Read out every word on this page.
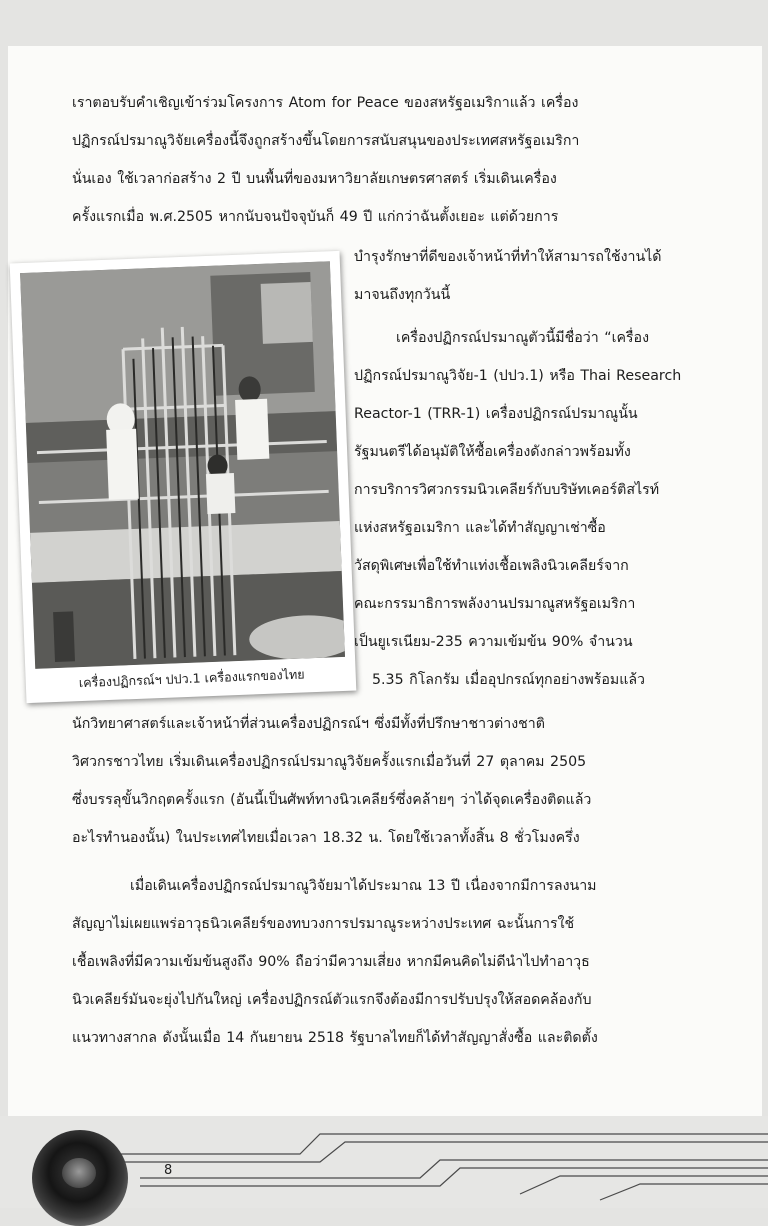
เราตอบรับคำเชิญเข้าร่วมโครงการ Atom for Peace ของสหรัฐอเมริกาแล้ว เครื่อง
ปฏิกรณ์ปรมาณูวิจัยเครื่องนี้จึงถูกสร้างขึ้นโดยการสนับสนุนของประเทศสหรัฐอเมริกา
นั่นเอง ใช้เวลาก่อสร้าง 2 ปี บนพื้นที่ของมหาวิยาลัยเกษตรศาสตร์ เริ่มเดินเครื่อง
ครั้งแรกเมื่อ พ.ศ.2505 หากนับจนปัจจุบันก็ 49 ปี แก่กว่าฉันตั้งเยอะ แต่ด้วยการ
บำรุงรักษาที่ดีของเจ้าหน้าที่ทำให้สามารถใช้งานได้
มาจนถึงทุกวันนี้
เครื่องปฏิกรณ์ปรมาณูตัวนี้มีชื่อว่า “เครื่อง
ปฏิกรณ์ปรมาณูวิจัย-1 (ปปว.1) หรือ Thai Research
Reactor-1 (TRR-1) เครื่องปฏิกรณ์ปรมาณูนั้น
รัฐมนตรีได้อนุมัติให้ซื้อเครื่องดังกล่าวพร้อมทั้ง
การบริการวิศวกรรมนิวเคลียร์กับบริษัทเคอร์ติสไรท์
แห่งสหรัฐอเมริกา และได้ทำสัญญาเช่าซื้อ
วัสดุพิเศษเพื่อใช้ทำแท่งเชื้อเพลิงนิวเคลียร์จาก
คณะกรรมาธิการพลังงานปรมาณูสหรัฐอเมริกา
เป็นยูเรเนียม-235 ความเข้มข้น 90% จำนวน
5.35 กิโลกรัม เมื่ออุปกรณ์ทุกอย่างพร้อมแล้ว
นักวิทยาศาสตร์และเจ้าหน้าที่ส่วนเครื่องปฏิกรณ์ฯ ซึ่งมีทั้งที่ปรึกษาชาวต่างชาติ
วิศวกรชาวไทย เริ่มเดินเครื่องปฏิกรณ์ปรมาณูวิจัยครั้งแรกเมื่อวันที่ 27 ตุลาคม 2505
ซึ่งบรรลุขั้นวิกฤตครั้งแรก (อันนี้เป็นศัพท์ทางนิวเคลียร์ซึ่งคล้ายๆ ว่าได้จุดเครื่องติดแล้ว
อะไรทำนองนั้น) ในประเทศไทยเมื่อเวลา 18.32 น. โดยใช้เวลาทั้งสิ้น 8 ชั่วโมงครึ่ง
เมื่อเดินเครื่องปฏิกรณ์ปรมาณูวิจัยมาได้ประมาณ 13 ปี เนื่องจากมีการลงนาม
สัญญาไม่เผยแพร่อาวุธนิวเคลียร์ของทบวงการปรมาณูระหว่างประเทศ ฉะนั้นการใช้
เชื้อเพลิงที่มีความเข้มข้นสูงถึง 90% ถือว่ามีความเสี่ยง หากมีคนคิดไม่ดีนำไปทำอาวุธ
นิวเคลียร์มันจะยุ่งไปกันใหญ่ เครื่องปฏิกรณ์ตัวแรกจึงต้องมีการปรับปรุงให้สอดคล้องกับ
แนวทางสากล ดังนั้นเมื่อ 14 กันยายน 2518 รัฐบาลไทยก็ได้ทำสัญญาสั่งซื้อ และติดตั้ง
เครื่องปฏิกรณ์ฯ ปปว.1 เครื่องแรกของไทย
8
